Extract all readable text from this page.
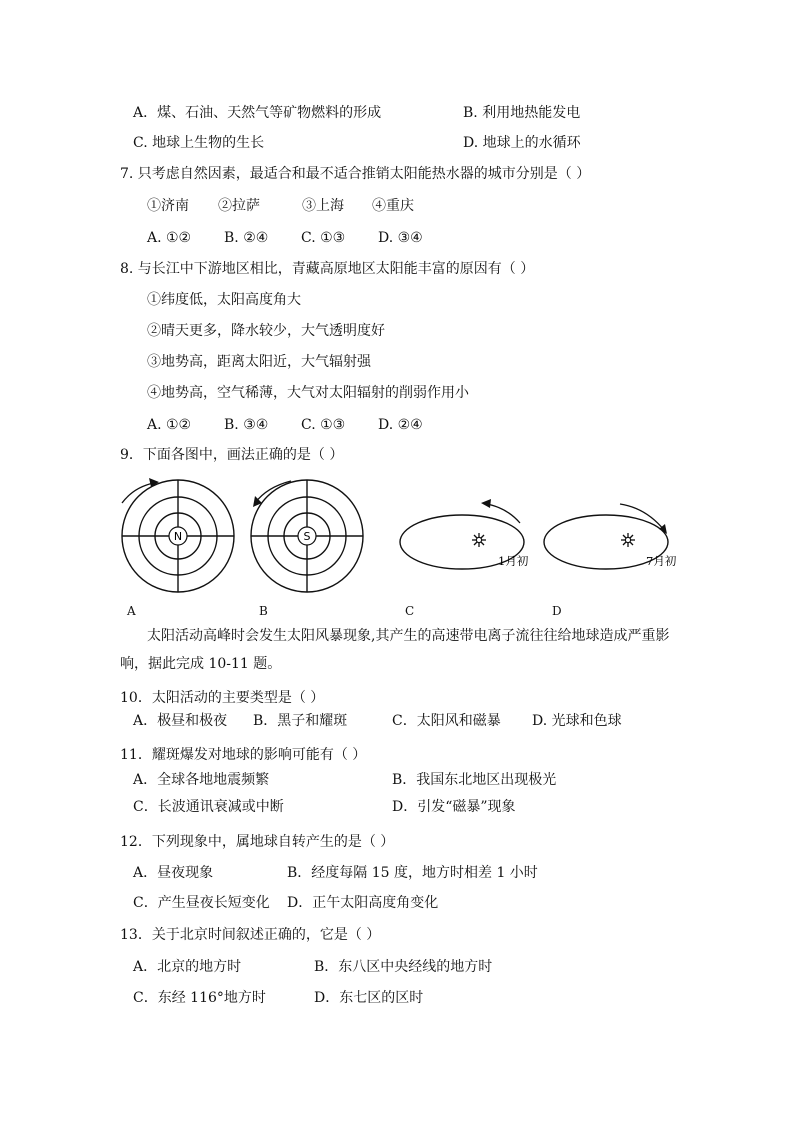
A．煤、石油、天然气等矿物燃料的形成	B. 利用地热能发电
C. 地球上生物的生长	D. 地球上的水循环
7. 只考虑自然因素，最适合和最不适合推销太阳能热水器的城市分别是（ ）
①济南 ②拉萨	③上海 ④重庆
A. ①② B. ②④ C. ①③ D. ③④
8. 与长江中下游地区相比，青藏高原地区太阳能丰富的原因有（ ）
①纬度低，太阳高度角大
②晴天更多，降水较少，大气透明度好
③地势高，距离太阳近，大气辐射强
④地势高，空气稀薄，大气对太阳辐射的削弱作用小
A. ①② B. ③④ C. ①③ D. ②④
9．下面各图中，画法正确的是（ ）
N	S
1月初	7月初
A	B	C	D
太阳活动高峰时会发生太阳风暴现象,其产生的高速带电离子流往往给地球造成严重影
响，据此完成 10-11 题。
10．太阳活动的主要类型是（ ）
A．极昼和极夜 B．黑子和耀斑	C．太阳风和磁暴 D. 光球和色球
11．耀斑爆发对地球的影响可能有（ ）
A．全球各地地震频繁	B．我国东北地区出现极光
C．长波通讯衰减或中断	D．引发“磁暴”现象
12．下列现象中，属地球自转产生的是（ ）
A．昼夜现象	B．经度每隔 15 度，地方时相差 1 小时
C．产生昼夜长短变化 D．正午太阳高度角变化
13．关于北京时间叙述正确的，它是（ ）
A．北京的地方时	B．东八区中央经线的地方时
C．东经 116°地方时	D．东七区的区时
